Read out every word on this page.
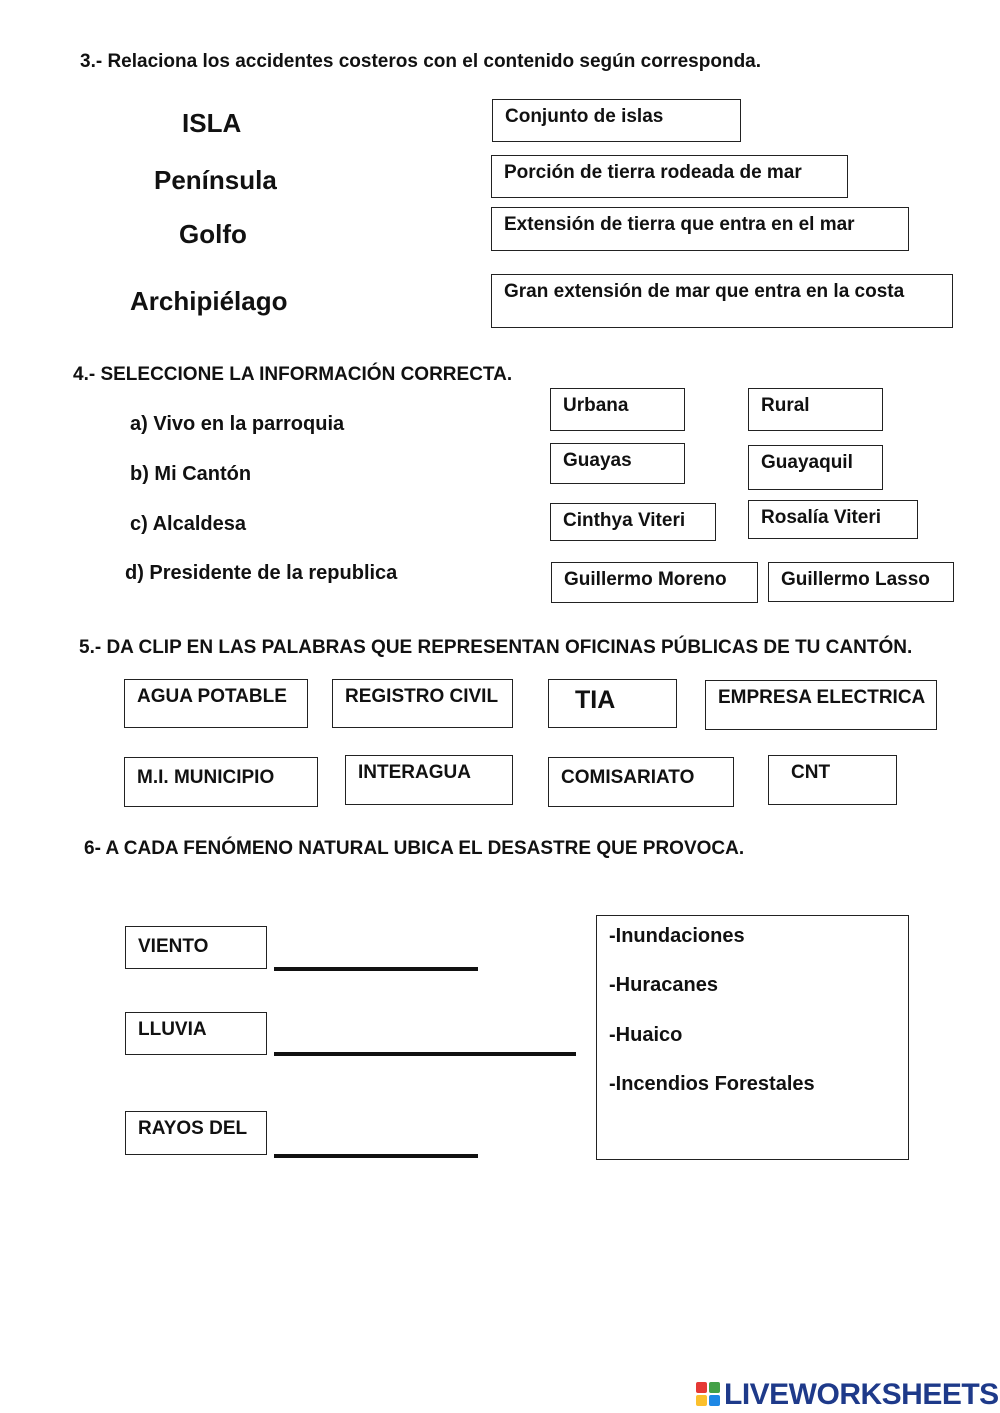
3.- Relaciona los accidentes costeros con el contenido según corresponda.
ISLA
Península
Golfo
Archipiélago
Conjunto de islas
Porción de tierra rodeada de mar
Extensión de tierra que entra en el mar
Gran extensión de mar que entra en la costa
4.- SELECCIONE LA INFORMACIÓN CORRECTA.
a) Vivo en la parroquia
b) Mi Cantón
c) Alcaldesa
d) Presidente de la republica
Urbana	Rural
Guayas	Guayaquil
Cinthya Viteri	Rosalía Viteri
Guillermo Moreno	Guillermo Lasso
5.- DA CLIP EN LAS PALABRAS QUE REPRESENTAN OFICINAS PÚBLICAS DE TU CANTÓN.
AGUA POTABLE	REGISTRO CIVIL	TIA	EMPRESA ELECTRICA
M.I. MUNICIPIO	INTERAGUA	COMISARIATO	CNT
6- A CADA FENÓMENO NATURAL UBICA EL DESASTRE QUE PROVOCA.
VIENTO
LLUVIA
RAYOS DEL
-Inundaciones
-Huracanes
-Huaico
-Incendios Forestales
LIVEWORKSHEETS
